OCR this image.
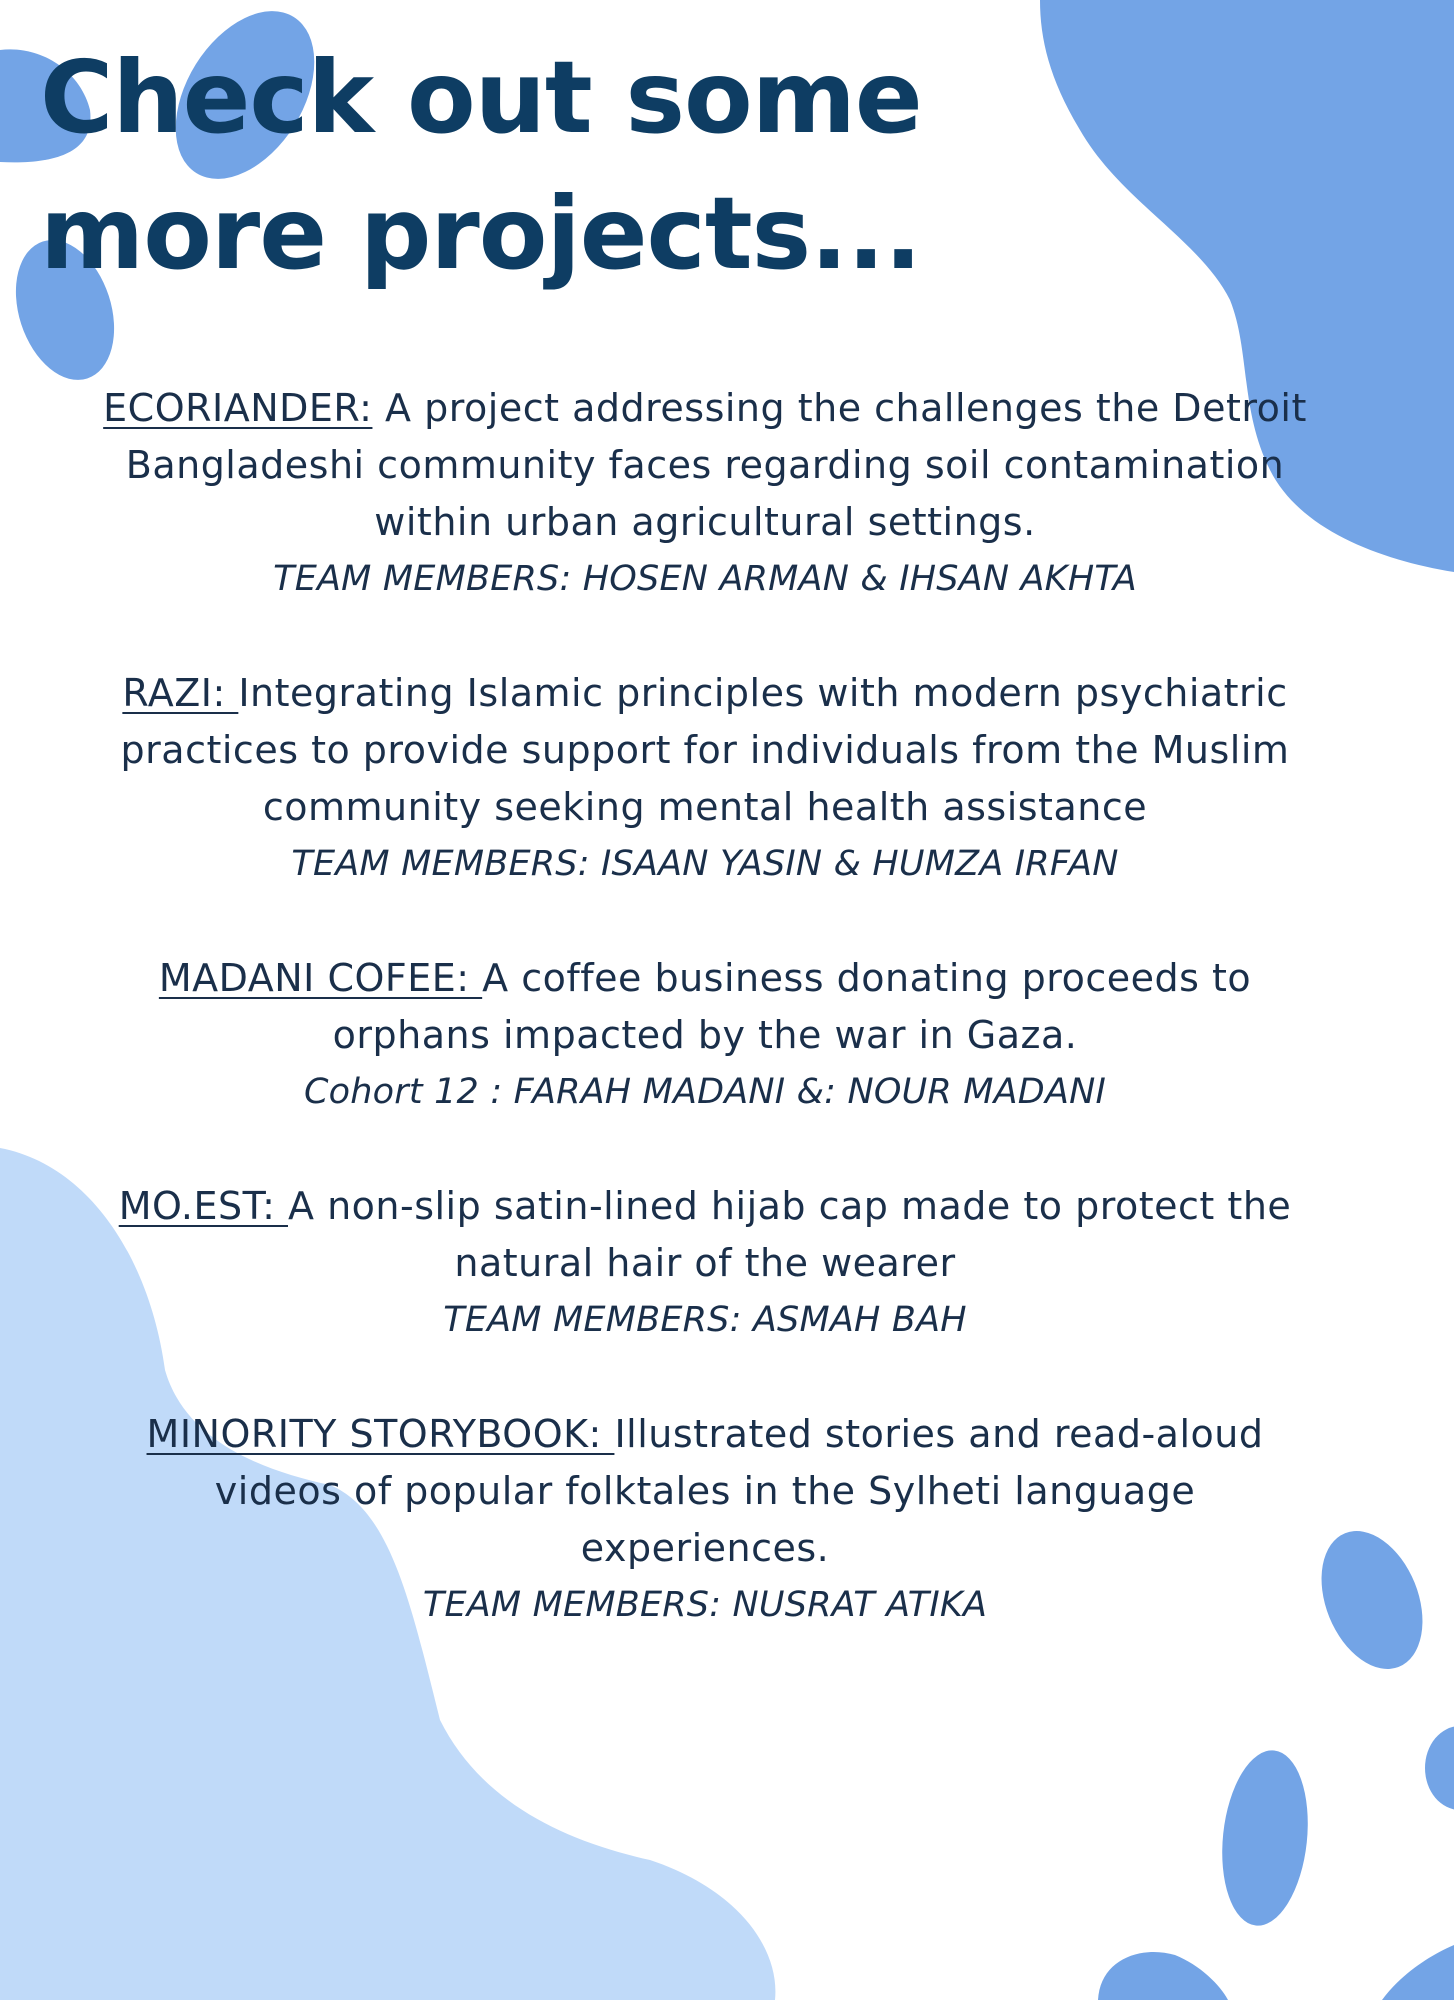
Check out some more projects...
ECORIANDER: A project addressing the challenges the Detroit Bangladeshi community faces regarding soil contamination within urban agricultural settings.
TEAM MEMBERS: HOSEN ARMAN & IHSAN AKHTA
RAZI: Integrating Islamic principles with modern psychiatric practices to provide support for individuals from the Muslim community seeking mental health assistance
TEAM MEMBERS: ISAAN YASIN & HUMZA IRFAN
MADANI COFEE: A coffee business donating proceeds to orphans impacted by the war in Gaza.
Cohort 12 : FARAH MADANI &: NOUR MADANI
MO.EST: A non-slip satin-lined hijab cap made to protect the natural hair of the wearer
TEAM MEMBERS: ASMAH BAH
MINORITY STORYBOOK: Illustrated stories and read-aloud videos of popular folktales in the Sylheti language experiences.
TEAM MEMBERS: NUSRAT ATIKA
